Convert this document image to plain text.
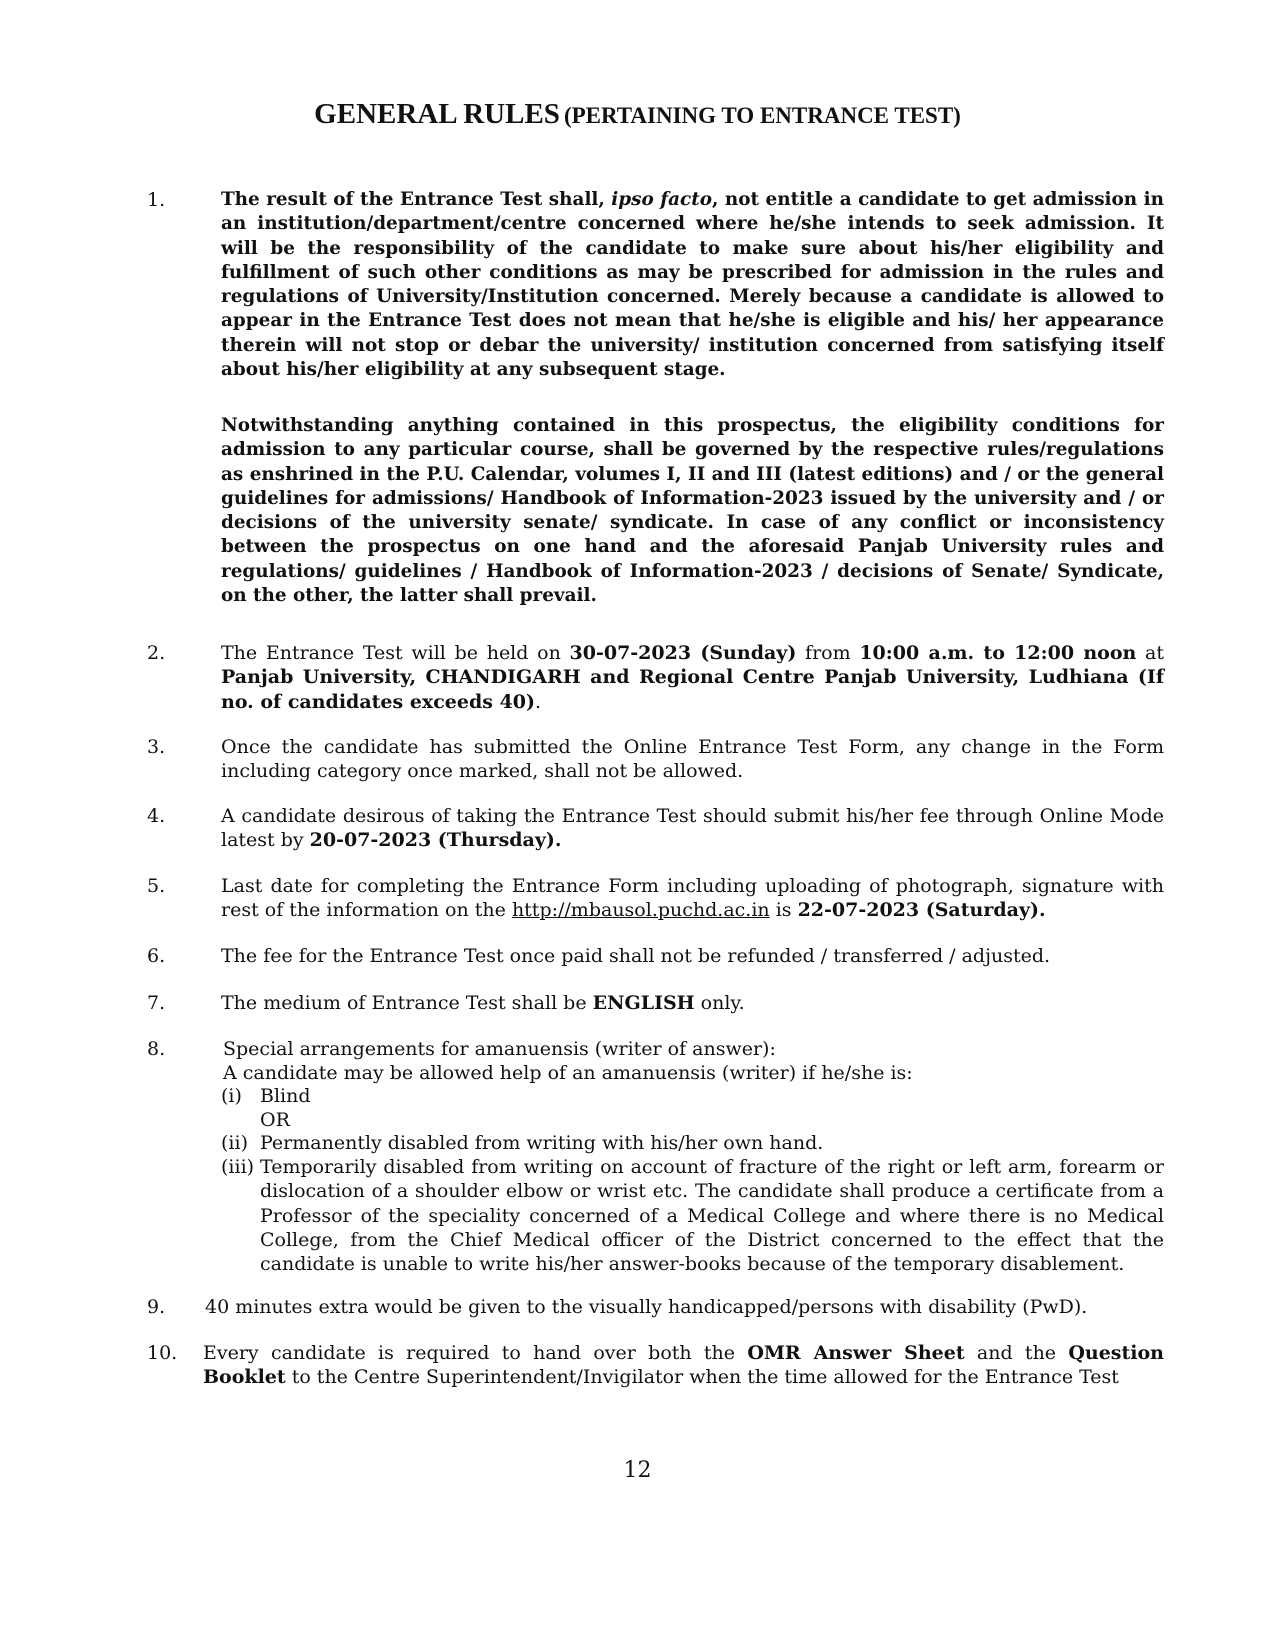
GENERAL RULES (PERTAINING TO ENTRANCE TEST)
1.	The result of the Entrance Test shall, ipso facto, not entitle a candidate to get admission in an institution/department/centre concerned where he/she intends to seek admission. It will be the responsibility of the candidate to make sure about his/her eligibility and fulfillment of such other conditions as may be prescribed for admission in the rules and regulations of University/Institution concerned. Merely because a candidate is allowed to appear in the Entrance Test does not mean that he/she is eligible and his/ her appearance therein will not stop or debar the university/ institution concerned from satisfying itself about his/her eligibility at any subsequent stage.
Notwithstanding anything contained in this prospectus, the eligibility conditions for admission to any particular course, shall be governed by the respective rules/regulations as enshrined in the P.U. Calendar, volumes I, II and III (latest editions) and / or the general guidelines for admissions/ Handbook of Information-2023 issued by the university and / or decisions of the university senate/ syndicate. In case of any conflict or inconsistency between the prospectus on one hand and the aforesaid Panjab University rules and regulations/ guidelines / Handbook of Information-2023 / decisions of Senate/ Syndicate, on the other, the latter shall prevail.
2.	The Entrance Test will be held on 30-07-2023 (Sunday) from 10:00 a.m. to 12:00 noon at Panjab University, CHANDIGARH and Regional Centre Panjab University, Ludhiana (If no. of candidates exceeds 40).
3.	Once the candidate has submitted the Online Entrance Test Form, any change in the Form including category once marked, shall not be allowed.
4.	A candidate desirous of taking the Entrance Test should submit his/her fee through Online Mode latest by 20-07-2023 (Thursday).
5.	Last date for completing the Entrance Form including uploading of photograph, signature with rest of the information on the http://mbausol.puchd.ac.in is 22-07-2023 (Saturday).
6.	The fee for the Entrance Test once paid shall not be refunded / transferred / adjusted.
7.	The medium of Entrance Test shall be ENGLISH only.
8.	Special arrangements for amanuensis (writer of answer):
A candidate may be allowed help of an amanuensis (writer) if he/she is:
(i) Blind
OR
(ii) Permanently disabled from writing with his/her own hand.
(iii) Temporarily disabled from writing on account of fracture of the right or left arm, forearm or dislocation of a shoulder elbow or wrist etc. The candidate shall produce a certificate from a Professor of the speciality concerned of a Medical College and where there is no Medical College, from the Chief Medical officer of the District concerned to the effect that the candidate is unable to write his/her answer-books because of the temporary disablement.
9. 40 minutes extra would be given to the visually handicapped/persons with disability (PwD).
10. Every candidate is required to hand over both the OMR Answer Sheet and the Question Booklet to the Centre Superintendent/Invigilator when the time allowed for the Entrance Test
12
